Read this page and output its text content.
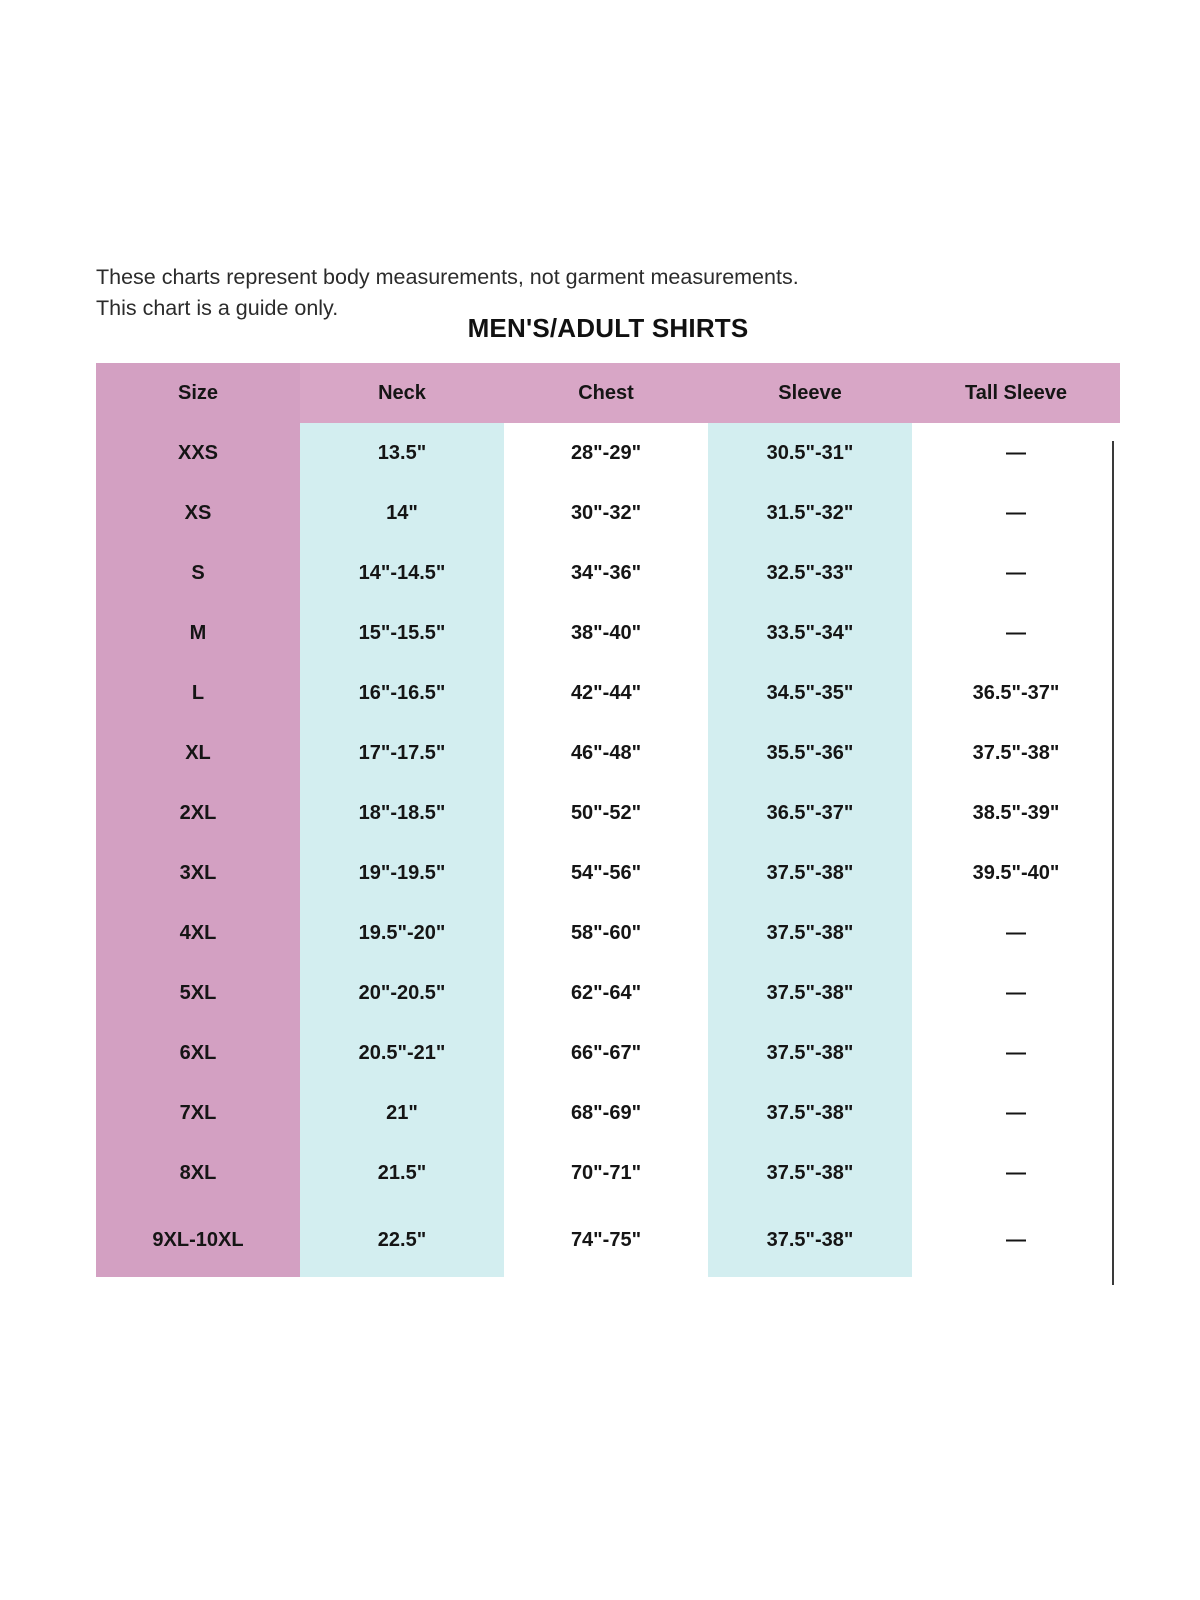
These charts represent body measurements, not garment measurements.
This chart is a guide only.
MEN'S/ADULT SHIRTS
Size	Neck	Chest	Sleeve	Tall Sleeve
XXS	13.5"	28"-29"	30.5"-31"	—
XS	14"	30"-32"	31.5"-32"	—
S	14"-14.5"	34"-36"	32.5"-33"	—
M	15"-15.5"	38"-40"	33.5"-34"	—
L	16"-16.5"	42"-44"	34.5"-35"	36.5"-37"
XL	17"-17.5"	46"-48"	35.5"-36"	37.5"-38"
2XL	18"-18.5"	50"-52"	36.5"-37"	38.5"-39"
3XL	19"-19.5"	54"-56"	37.5"-38"	39.5"-40"
4XL	19.5"-20"	58"-60"	37.5"-38"	—
5XL	20"-20.5"	62"-64"	37.5"-38"	—
6XL	20.5"-21"	66"-67"	37.5"-38"	—
7XL	21"	68"-69"	37.5"-38"	—
8XL	21.5"	70"-71"	37.5"-38"	—
9XL-10XL	22.5"	74"-75"	37.5"-38"	—
